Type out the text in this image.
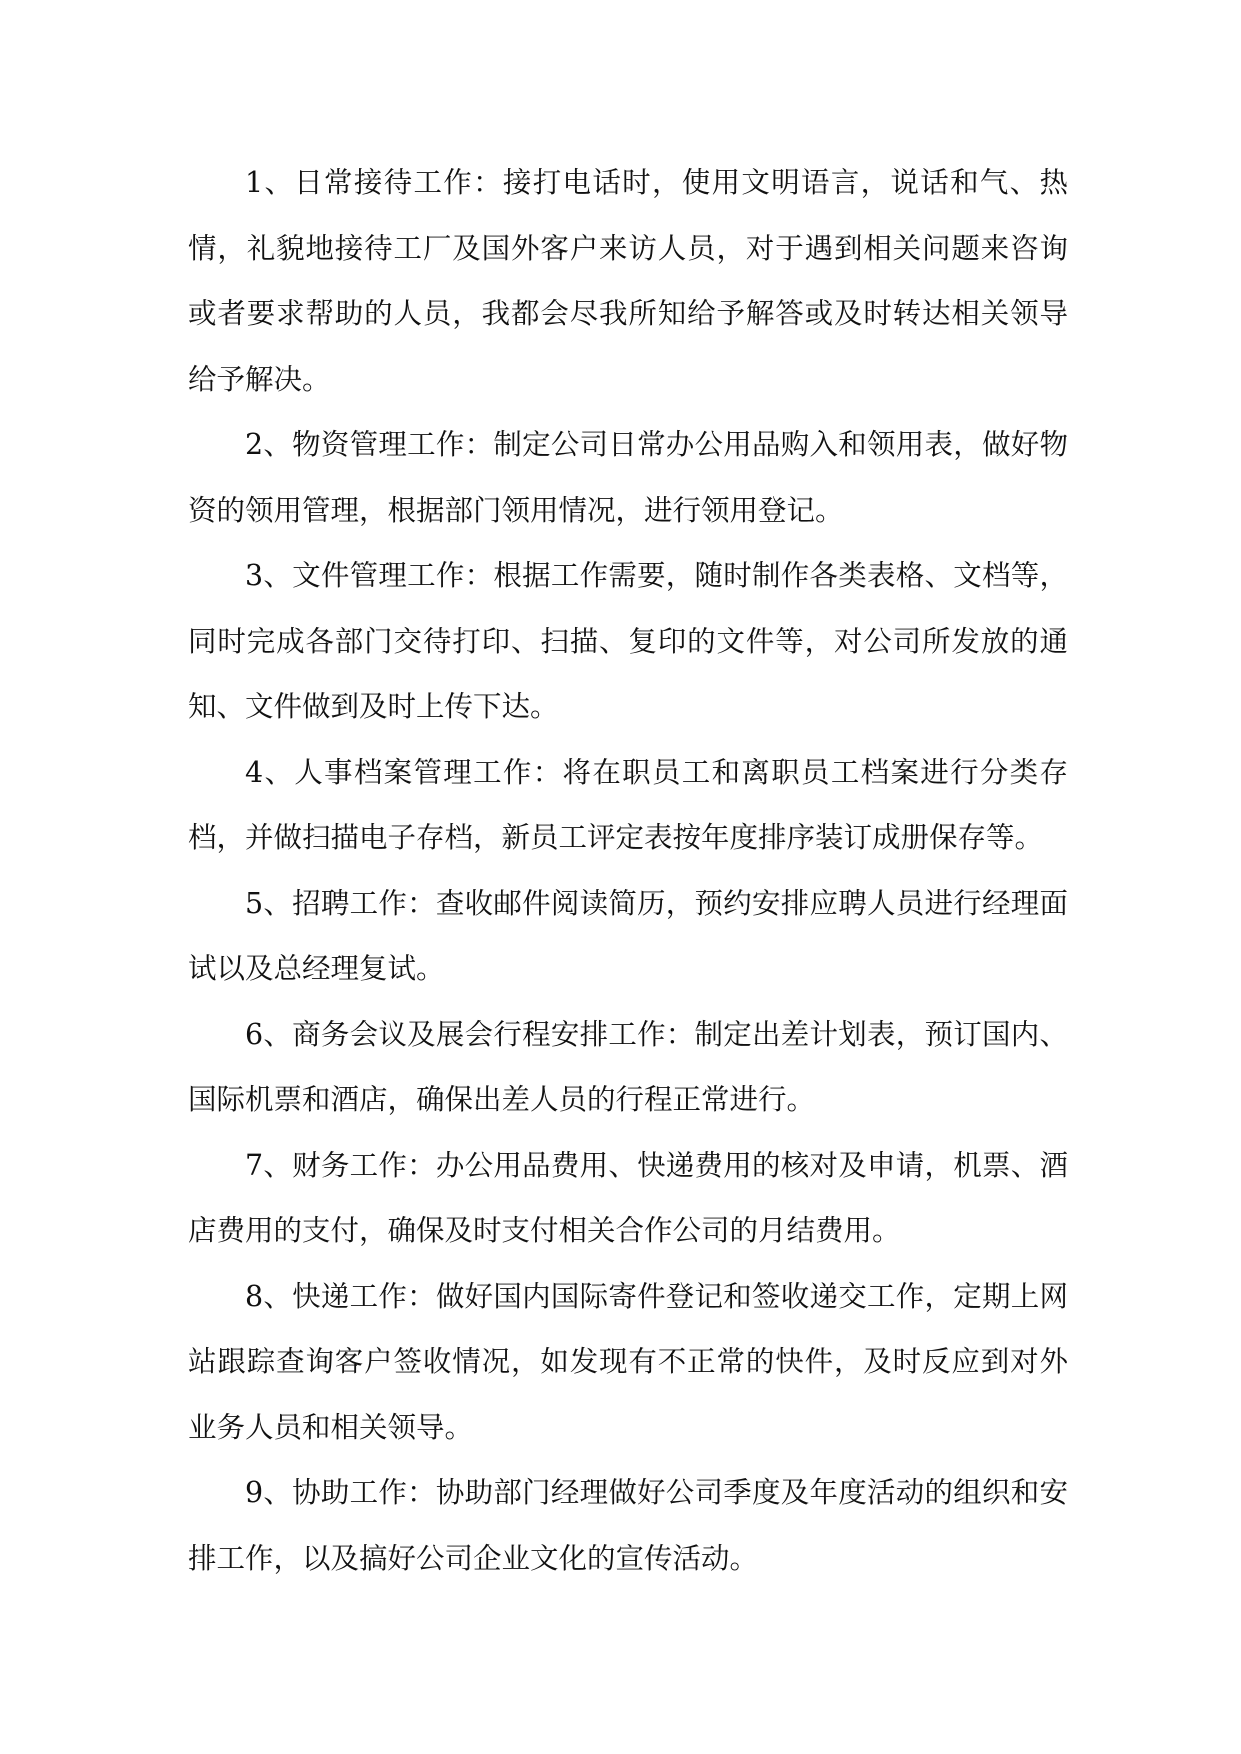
1、日常接待工作：接打电话时，使用文明语言，说话和气、热情，礼貌地接待工厂及国外客户来访人员，对于遇到相关问题来咨询或者要求帮助的人员，我都会尽我所知给予解答或及时转达相关领导给予解决。

2、物资管理工作：制定公司日常办公用品购入和领用表，做好物资的领用管理，根据部门领用情况，进行领用登记。

3、文件管理工作：根据工作需要，随时制作各类表格、文档等，同时完成各部门交待打印、扫描、复印的文件等，对公司所发放的通知、文件做到及时上传下达。

4、人事档案管理工作：将在职员工和离职员工档案进行分类存档，并做扫描电子存档，新员工评定表按年度排序装订成册保存等。

5、招聘工作：查收邮件阅读简历，预约安排应聘人员进行经理面试以及总经理复试。

6、商务会议及展会行程安排工作：制定出差计划表，预订国内、国际机票和酒店，确保出差人员的行程正常进行。

7、财务工作：办公用品费用、快递费用的核对及申请，机票、酒店费用的支付，确保及时支付相关合作公司的月结费用。

8、快递工作：做好国内国际寄件登记和签收递交工作，定期上网站跟踪查询客户签收情况，如发现有不正常的快件，及时反应到对外业务人员和相关领导。

9、协助工作：协助部门经理做好公司季度及年度活动的组织和安排工作，以及搞好公司企业文化的宣传活动。
